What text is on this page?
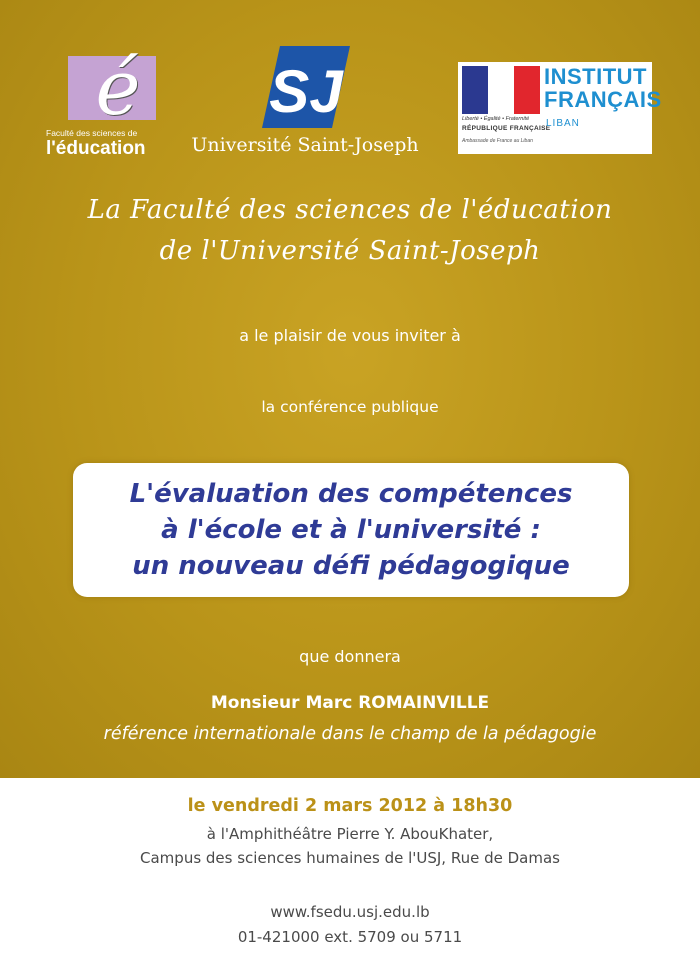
é
Faculté des sciences de
l'éducation
SJ
Université Saint-Joseph
Liberté • Égalité • Fraternité
RÉPUBLIQUE FRANÇAISE
Ambassade de France au Liban
INSTITUT
FRANÇAIS
LIBAN
La Faculté des sciences de l'éducation
de l'Université Saint-Joseph
a le plaisir de vous inviter à
la conférence publique
L'évaluation des compétences
à l'école et à l'université :
un nouveau défi pédagogique
que donnera
Monsieur Marc ROMAINVILLE
référence internationale dans le champ de la pédagogie
le vendredi 2 mars 2012 à 18h30
à l'Amphithéâtre Pierre Y. AbouKhater,
Campus des sciences humaines de l'USJ, Rue de Damas
www.fsedu.usj.edu.lb
01-421000 ext. 5709 ou 5711
